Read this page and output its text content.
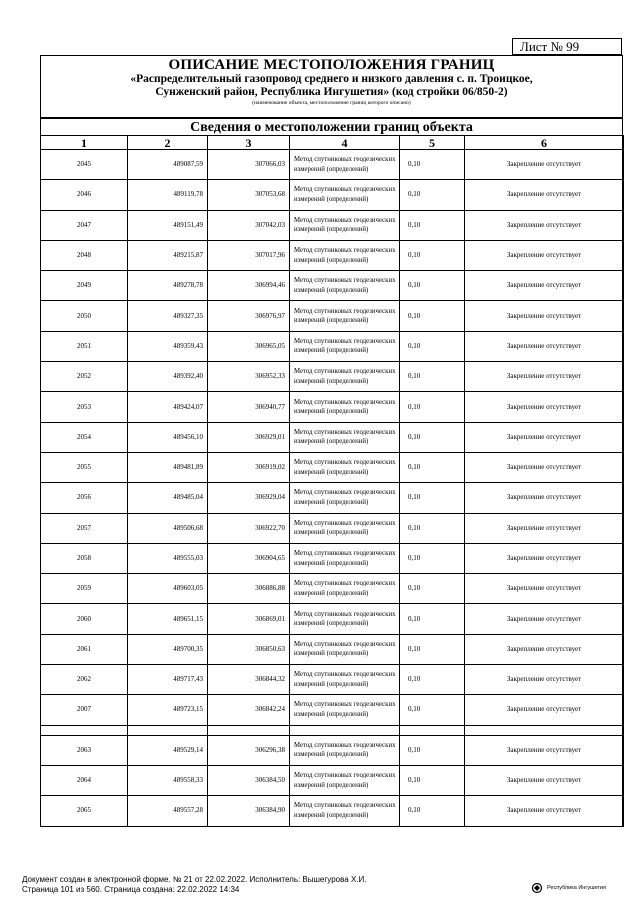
Лист № 99
ОПИСАНИЕ МЕСТОПОЛОЖЕНИЯ ГРАНИЦ
«Распределительный газопровод среднего и низкого давления с. п. Троицкое,
Сунженский район, Республика Ингушетия» (код стройки 06/850-2)
(наименование объекта, местоположение границ которого описано)
Сведения о местоположении границ объекта
1	2	3	4	5	6
2045	489087,59	307066,03	Метод спутниковых геодезических измерений (определений)	0,10	Закрепление отсутствует
2046	489119,78	307053,68	Метод спутниковых геодезических измерений (определений)	0,10	Закрепление отсутствует
2047	489151,49	307042,03	Метод спутниковых геодезических измерений (определений)	0,10	Закрепление отсутствует
2048	489215,87	307017,96	Метод спутниковых геодезических измерений (определений)	0,10	Закрепление отсутствует
2049	489278,78	306994,46	Метод спутниковых геодезических измерений (определений)	0,10	Закрепление отсутствует
2050	489327,35	306976,97	Метод спутниковых геодезических измерений (определений)	0,10	Закрепление отсутствует
2051	489359,43	306965,05	Метод спутниковых геодезических измерений (определений)	0,10	Закрепление отсутствует
2052	489392,40	306952,33	Метод спутниковых геодезических измерений (определений)	0,10	Закрепление отсутствует
2053	489424,07	306940,77	Метод спутниковых геодезических измерений (определений)	0,10	Закрепление отсутствует
2054	489456,10	306929,01	Метод спутниковых геодезических измерений (определений)	0,10	Закрепление отсутствует
2055	489481,89	306919,02	Метод спутниковых геодезических измерений (определений)	0,10	Закрепление отсутствует
2056	489485,04	306929,04	Метод спутниковых геодезических измерений (определений)	0,10	Закрепление отсутствует
2057	489506,68	306922,70	Метод спутниковых геодезических измерений (определений)	0,10	Закрепление отсутствует
2058	489555,03	306904,65	Метод спутниковых геодезических измерений (определений)	0,10	Закрепление отсутствует
2059	489603,05	306886,88	Метод спутниковых геодезических измерений (определений)	0,10	Закрепление отсутствует
2060	489651,15	306869,01	Метод спутниковых геодезических измерений (определений)	0,10	Закрепление отсутствует
2061	489700,35	306850,63	Метод спутниковых геодезических измерений (определений)	0,10	Закрепление отсутствует
2062	489717,43	306844,32	Метод спутниковых геодезических измерений (определений)	0,10	Закрепление отсутствует
2007	489723,15	306842,24	Метод спутниковых геодезических измерений (определений)	0,10	Закрепление отсутствует

2063	489529,14	306296,38	Метод спутниковых геодезических измерений (определений)	0,10	Закрепление отсутствует
2064	489558,33	306384,50	Метод спутниковых геодезических измерений (определений)	0,10	Закрепление отсутствует
2065	489557,28	306384,90	Метод спутниковых геодезических измерений (определений)	0,10	Закрепление отсутствует
Документ создан в электронной форме. № 21 от 22.02.2022. Исполнитель: Вышегурова Х.И.
Страница 101 из 560. Страница создана: 22.02.2022 14:34	Республика Ингушетия
